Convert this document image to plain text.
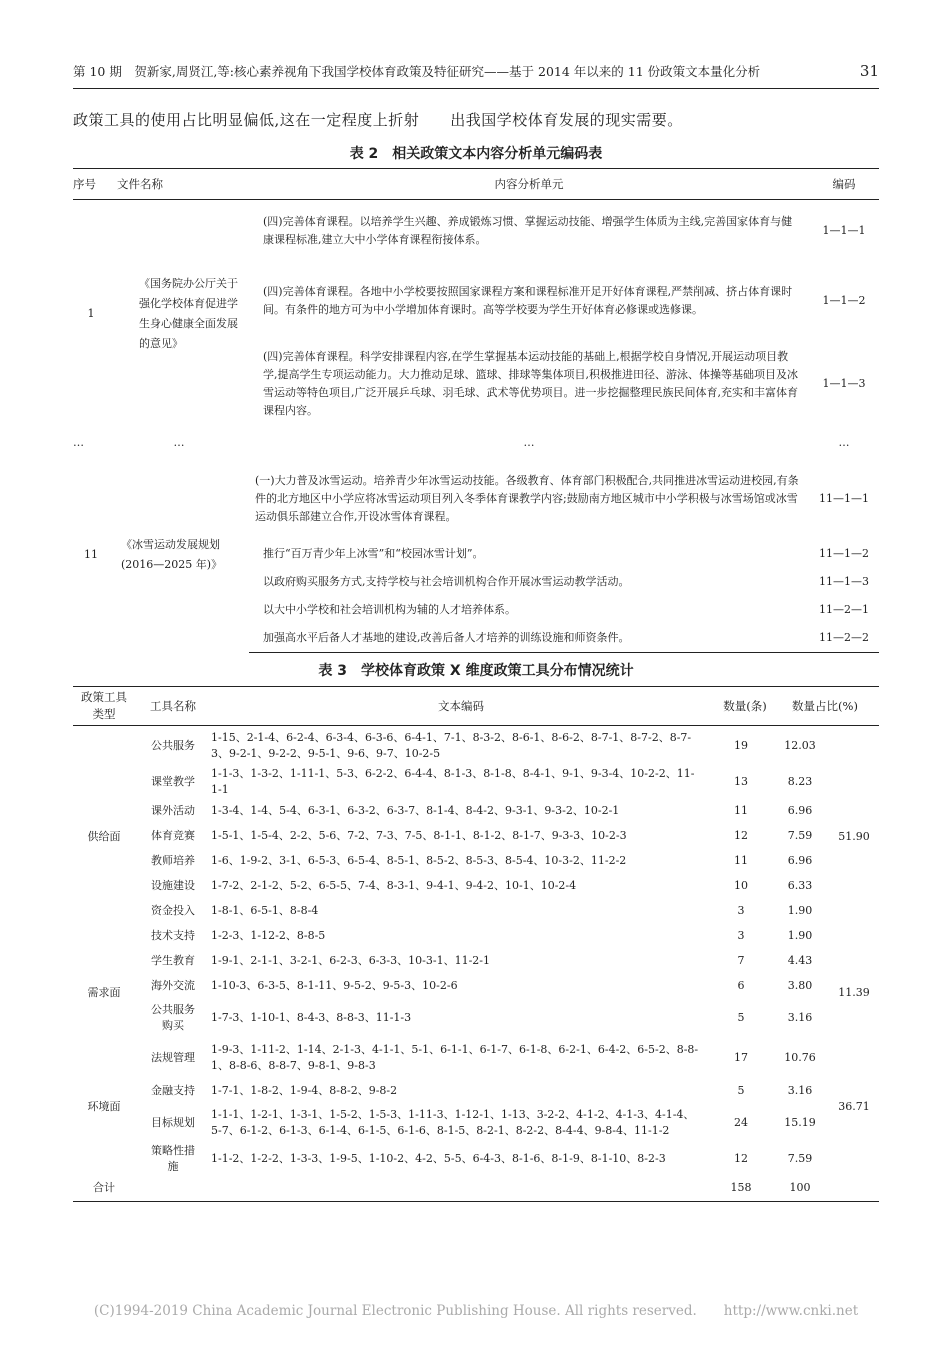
第 10 期　贺新家,周贤江,等:核心素养视角下我国学校体育政策及特征研究——基于 2014 年以来的 11 份政策文本量化分析	31
政策工具的使用占比明显偏低,这在一定程度上折射　　出我国学校体育发展的现实需要。
表 2　相关政策文本内容分析单元编码表
序号	文件名称	内容分析单元	编码
1	《国务院办公厅关于强化学校体育促进学生身心健康全面发展的意见》	(四)完善体育课程。以培养学生兴趣、养成锻炼习惯、掌握运动技能、增强学生体质为主线,完善国家体育与健康课程标准,建立大中小学体育课程衔接体系。	1—1—1
		(四)完善体育课程。各地中小学校要按照国家课程方案和课程标准开足开好体育课程,严禁削减、挤占体育课时间。有条件的地方可为中小学增加体育课时。高等学校要为学生开好体育必修课或选修课。	1—1—2
		(四)完善体育课程。科学安排课程内容,在学生掌握基本运动技能的基础上,根据学校自身情况,开展运动项目教学,提高学生专项运动能力。大力推动足球、篮球、排球等集体项目,积极推进田径、游泳、体操等基础项目及冰雪运动等特色项目,广泛开展乒乓球、羽毛球、武术等优势项目。进一步挖掘整理民族民间体育,充实和丰富体育课程内容。	1—1—3
…	…	…	…
11	《冰雪运动发展规划(2016—2025 年)》	(一)大力普及冰雪运动。培养青少年冰雪运动技能。各级教育、体育部门积极配合,共同推进冰雪运动进校园,有条件的北方地区中小学应将冰雪运动项目列入冬季体育课教学内容;鼓励南方地区城市中小学积极与冰雪场馆或冰雪运动俱乐部建立合作,开设冰雪体育课程。	11—1—1
		推行“百万青少年上冰雪”和“校园冰雪计划”。	11—1—2
		以政府购买服务方式,支持学校与社会培训机构合作开展冰雪运动教学活动。	11—1—3
		以大中小学校和社会培训机构为辅的人才培养体系。	11—2—1
		加强高水平后备人才基地的建设,改善后备人才培养的训练设施和师资条件。	11—2—2
表 3　学校体育政策 X 维度政策工具分布情况统计
政策工具类型	工具名称	文本编码	数量(条) 数量占比(%)		
供给面	公共服务	1-15、2-1-4、6-2-4、6-3-4、6-3-6、6-4-1、7-1、8-3-2、8-6-1、8-6-2、8-7-1、8-7-2、8-7-3、9-2-1、9-2-2、9-5-1、9-6、9-7、10-2-5	19	12.03	51.90
	课堂教学	1-1-3、1-3-2、1-11-1、5-3、6-2-2、6-4-4、8-1-3、8-1-8、8-4-1、9-1、9-3-4、10-2-2、11-1-1	13	8.23	
	课外活动	1-3-4、1-4、5-4、6-3-1、6-3-2、6-3-7、8-1-4、8-4-2、9-3-1、9-3-2、10-2-1	11	6.96	
	体育竞赛	1-5-1、1-5-4、2-2、5-6、7-2、7-3、7-5、8-1-1、8-1-2、8-1-7、9-3-3、10-2-3	12	7.59	
	教师培养	1-6、1-9-2、3-1、6-5-3、6-5-4、8-5-1、8-5-2、8-5-3、8-5-4、10-3-2、11-2-2	11	6.96	
	设施建设	1-7-2、2-1-2、5-2、6-5-5、7-4、8-3-1、9-4-1、9-4-2、10-1、10-2-4	10	6.33	
	资金投入	1-8-1、6-5-1、8-8-4	3	1.90	
	技术支持	1-2-3、1-12-2、8-8-5	3	1.90	
需求面	学生教育	1-9-1、2-1-1、3-2-1、6-2-3、6-3-3、10-3-1、11-2-1	7	4.43	11.39
	海外交流	1-10-3、6-3-5、8-1-11、9-5-2、9-5-3、10-2-6	6	3.80	
	公共服务购买	1-7-3、1-10-1、8-4-3、8-8-3、11-1-3	5	3.16	
环境面	法规管理	1-9-3、1-11-2、1-14、2-1-3、4-1-1、5-1、6-1-1、6-1-7、6-1-8、6-2-1、6-4-2、6-5-2、8-8-1、8-8-6、8-8-7、9-8-1、9-8-3	17	10.76	36.71
	金融支持	1-7-1、1-8-2、1-9-4、8-8-2、9-8-2	5	3.16	
	目标规划	1-1-1、1-2-1、1-3-1、1-5-2、1-5-3、1-11-3、1-12-1、1-13、3-2-2、4-1-2、4-1-3、4-1-4、5-7、6-1-2、6-1-3、6-1-4、6-1-5、6-1-6、8-1-5、8-2-1、8-2-2、8-4-4、9-8-4、11-1-2	24	15.19	
	策略性措施	1-1-2、1-2-2、1-3-3、1-9-5、1-10-2、4-2、5-5、6-4-3、8-1-6、8-1-9、8-1-10、8-2-3	12	7.59	
合计			158	100	
(C)1994-2019 China Academic Journal Electronic Publishing House. All rights reserved.　　http://www.cnki.net
